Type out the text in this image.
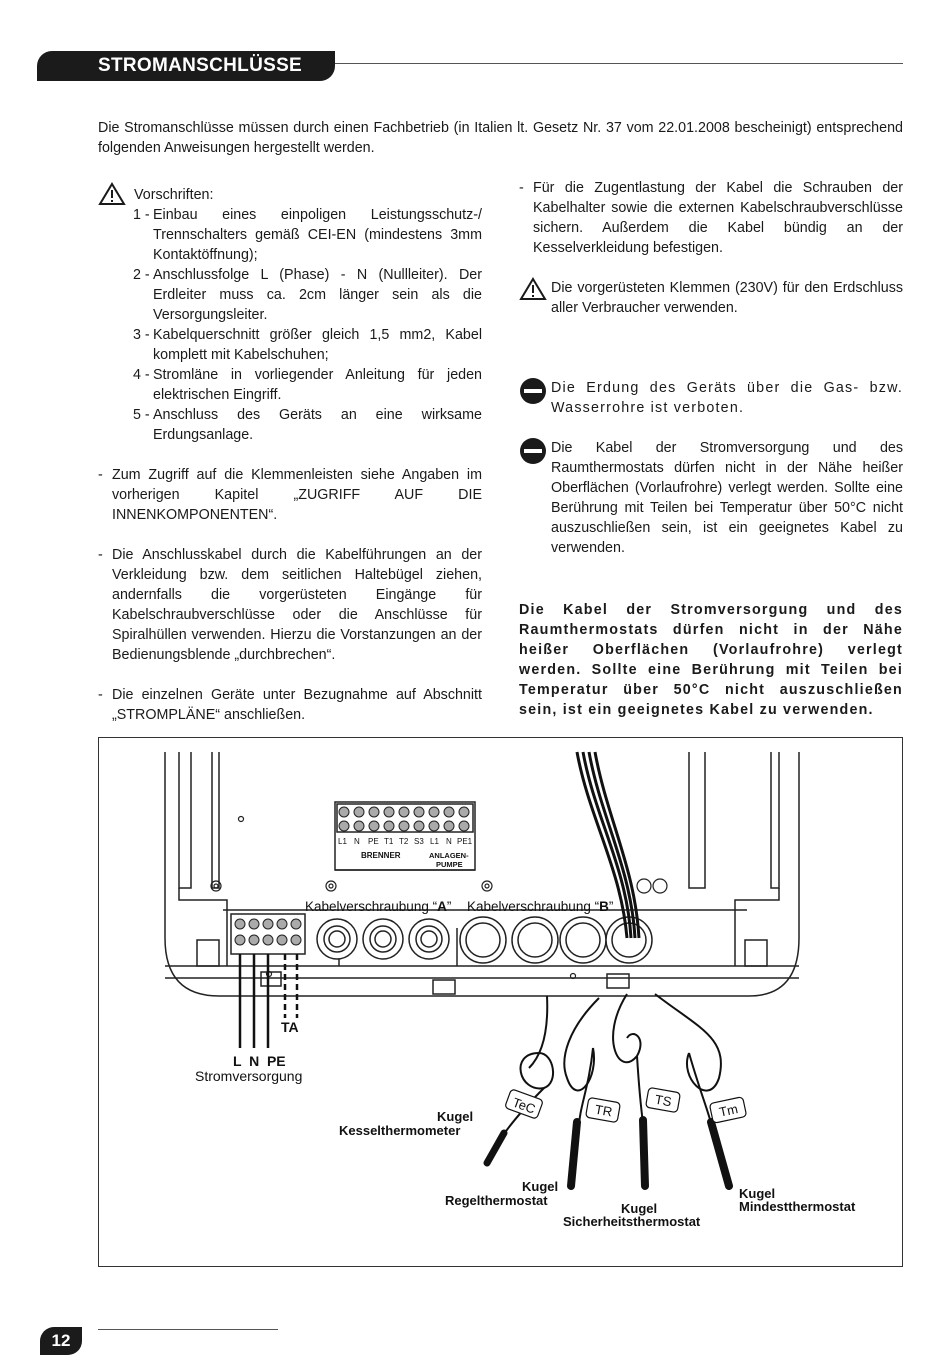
STROMANSCHLÜSSE
Die Stromanschlüsse müssen durch einen Fachbetrieb (in Italien lt. Gesetz Nr. 37 vom 22.01.2008 bescheinigt) entsprechend folgenden Anweisungen hergestellt werden.
Vorschriften:
1 - Einbau eines einpoligen Leistungsschutz-/ Trennschalters gemäß CEI-EN (mindestens 3mm Kontaktöffnung);
2 - Anschlussfolge L (Phase) - N (Nullleiter). Der Erdleiter muss ca. 2cm länger sein als die Versorgungsleiter.
3 - Kabelquerschnitt größer gleich 1,5 mm2, Kabel komplett mit Kabelschuhen;
4 - Stromläne in vorliegender Anleitung für jeden elektrischen Eingriff.
5 - Anschluss des Geräts an eine wirksame Erdungsanlage.
- Zum Zugriff auf die Klemmenleisten siehe Angaben im vorherigen Kapitel „ZUGRIFF AUF DIE INNENKOMPONENTEN“.
- Die Anschlusskabel durch die Kabelführungen an der Verkleidung bzw. dem seitlichen Haltebügel ziehen, andernfalls die vorgerüsteten Eingänge für Kabelschraubverschlüsse oder die Anschlüsse für Spiralhüllen verwenden. Hierzu die Vorstanzungen an der Bedienungsblende „durchbrechen“.
- Die einzelnen Geräte unter Bezugnahme auf Abschnitt „STROMPLÄNE“ anschließen.
- Für die Zugentlastung der Kabel die Schrauben der Kabelhalter sowie die externen Kabelschraubverschlüsse sichern. Außerdem die Kabel bündig an der Kesselverkleidung befestigen.
Die vorgerüsteten Klemmen (230V) für den Erdschluss aller Verbraucher verwenden.
Die Erdung des Geräts über die Gas- bzw. Wasserrohre ist verboten.
Die Kabel der Stromversorgung und des Raumthermostats dürfen nicht in der Nähe heißer Oberflächen (Vorlaufrohre) verlegt werden. Sollte eine Berührung mit Teilen bei Temperatur über 50°C nicht auszuschließen sein, ist ein geeignetes Kabel zu verwenden.
Die Kabel der Stromversorgung und des Raumthermostats dürfen nicht in der Nähe heißer Oberflächen (Vorlaufrohre) verlegt werden. Sollte eine Berührung mit Teilen bei Temperatur über 50°C nicht auszuschließen sein, ist ein geeignetes Kabel zu verwenden.
L1 N PE T1 T2 S3 L1 N PE1
BRENNER	ANLAGEN-
PUMPE
Kabelverschraubung “A” Kabelverschraubung “B”
TA
L  N  PE
Stromversorgung
TeC	TR
TS
Tm
Kugel
Kesselthermometer
Kugel
Regelthermostat
Kugel
Sicherheitsthermostat
Kugel
Mindestthermostat
12
